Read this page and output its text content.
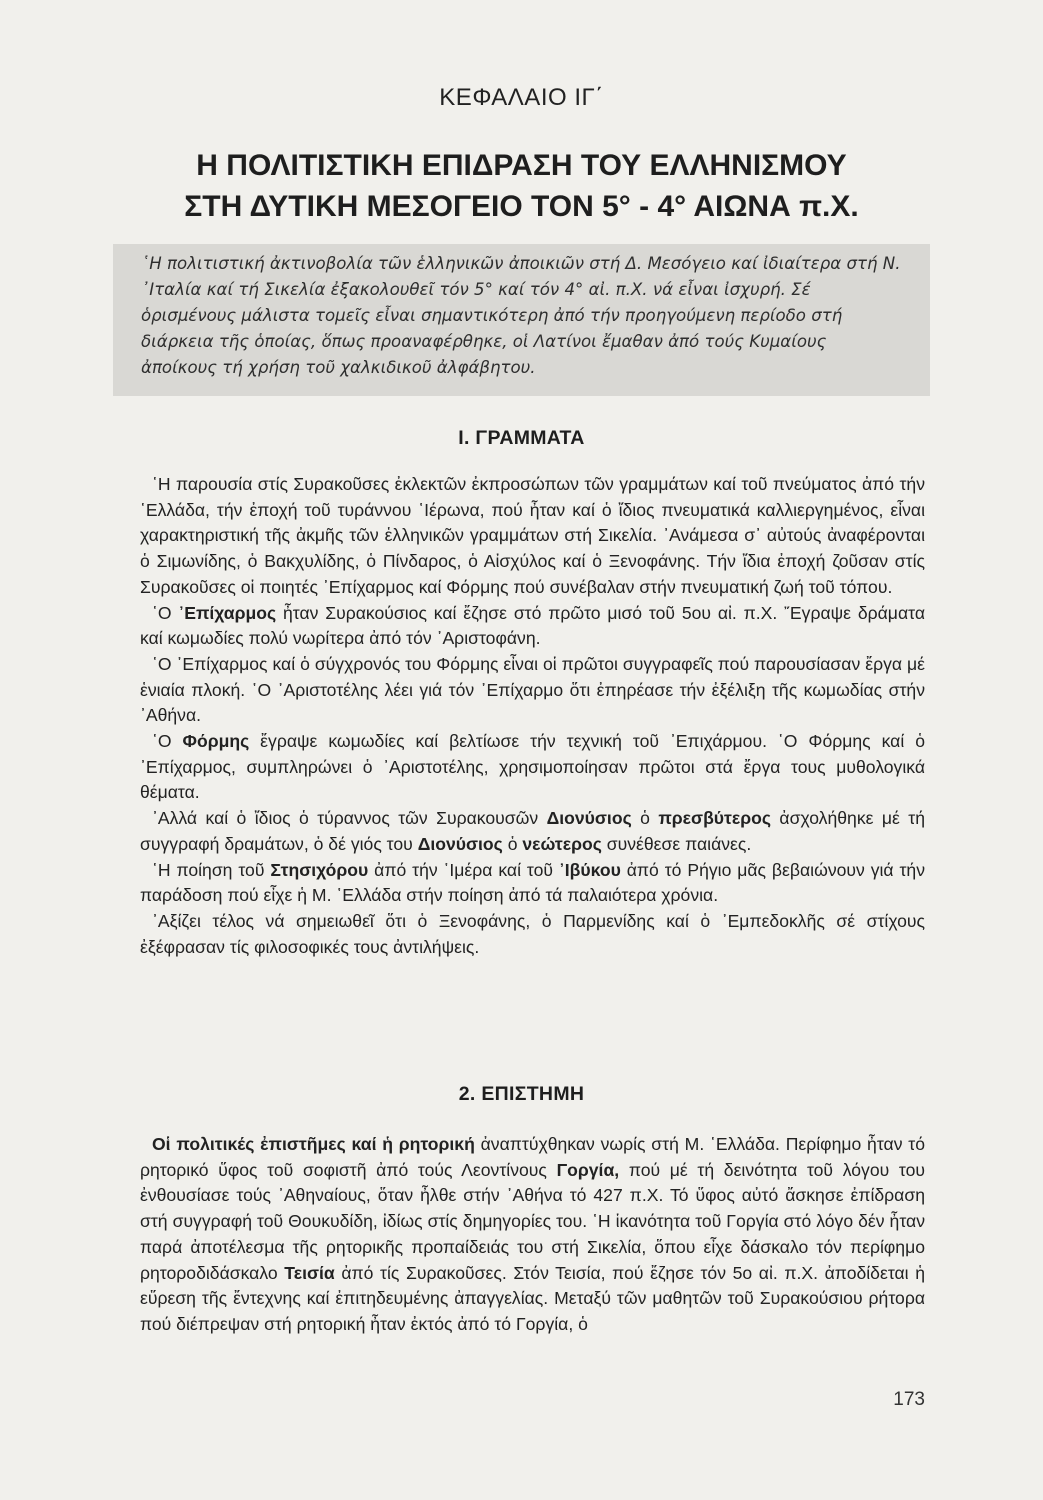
ΚΕΦΑΛΑΙΟ ΙΓ΄
Η ΠΟΛΙΤΙΣΤΙΚΗ ΕΠΙΔΡΑΣΗ ΤΟΥ ΕΛΛΗΝΙΣΜΟΥ
ΣΤΗ ΔΥΤΙΚΗ ΜΕΣΟΓΕΙΟ ΤΟΝ 5° - 4° ΑΙΩΝΑ π.Χ.
῾Η πολιτιστική ἀκτινοβολία τῶν ἑλληνικῶν ἀποικιῶν στή Δ. Μεσόγειο καί ἰδιαίτερα στή Ν. ᾿Ιταλία καί τή Σικελία ἐξακολουθεῖ τόν 5° καί τόν 4° αἰ. π.Χ. νά εἶναι ἰσχυρή. Σέ ὁρισμένους μάλιστα τομεῖς εἶναι σημαντικότερη ἀπό τήν προηγούμενη περίοδο στή διάρκεια τῆς ὁποίας, ὅπως προαναφέρθηκε, οἱ Λατίνοι ἔμαθαν ἀπό τούς Κυμαίους ἀποίκους τή χρήση τοῦ χαλκιδικοῦ ἀλφάβητου.
Ι. ΓΡΑΜΜΑΤΑ

῾Η παρουσία στίς Συρακοῦσες ἐκλεκτῶν ἐκπροσώπων τῶν γραμμάτων καί τοῦ πνεύματος ἀπό τήν ῾Ελλάδα, τήν ἐποχή τοῦ τυράννου ῾Ιέρωνα, πού ἦταν καί ὁ ἴδιος πνευματικά καλλιεργημένος, εἶναι χαρακτηριστική τῆς ἀκμῆς τῶν ἑλληνικῶν γραμμάτων στή Σικελία. ᾿Ανάμεσα σ᾿ αὐτούς ἀναφέρονται ὁ Σιμωνίδης, ὁ Βακχυλίδης, ὁ Πίνδαρος, ὁ Αἰσχύλος καί ὁ Ξενοφάνης. Τήν ἴδια ἐποχή ζοῦσαν στίς Συρακοῦσες οἱ ποιητές ᾿Επίχαρμος καί Φόρμης πού συνέβαλαν στήν πνευματική ζωή τοῦ τόπου.

῾Ο ᾿Επίχαρμος ἦταν Συρακούσιος καί ἔζησε στό πρῶτο μισό τοῦ 5ου αἰ. π.Χ. ῎Εγραψε δράματα καί κωμωδίες πολύ νωρίτερα ἀπό τόν ᾿Αριστοφάνη.

῾Ο ᾿Επίχαρμος καί ὁ σύγχρονός του Φόρμης εἶναι οἱ πρῶτοι συγγραφεῖς πού παρουσίασαν ἔργα μέ ἑνιαία πλοκή. ῾Ο ᾿Αριστοτέλης λέει γιά τόν ᾿Επίχαρμο ὅτι ἐπηρέασε τήν ἐξέλιξη τῆς κωμωδίας στήν ᾿Αθήνα.

῾Ο Φόρμης ἔγραψε κωμωδίες καί βελτίωσε τήν τεχνική τοῦ ᾿Επιχάρμου. ῾Ο Φόρμης καί ὁ ᾿Επίχαρμος, συμπληρώνει ὁ ᾿Αριστοτέλης, χρησιμοποίησαν πρῶτοι στά ἔργα τους μυθολογικά θέματα.

᾿Αλλά καί ὁ ἴδιος ὁ τύραννος τῶν Συρακουσῶν Διονύσιος ὁ πρεσβύτερος ἀσχολήθηκε μέ τή συγγραφή δραμάτων, ὁ δέ γιός του Διονύσιος ὁ νεώτερος συνέθεσε παιάνες.

῾Η ποίηση τοῦ Στησιχόρου ἀπό τήν ῾Ιμέρα καί τοῦ ᾿Ιβύκου ἀπό τό Ρήγιο μᾶς βεβαιώνουν γιά τήν παράδοση πού εἶχε ἡ Μ. ῾Ελλάδα στήν ποίηση ἀπό τά παλαιότερα χρόνια.

᾿Αξίζει τέλος νά σημειωθεῖ ὅτι ὁ Ξενοφάνης, ὁ Παρμενίδης καί ὁ ᾿Εμπεδοκλῆς σέ στίχους ἐξέφρασαν τίς φιλοσοφικές τους ἀντιλήψεις.

2. ΕΠΙΣΤΗΜΗ

Οἱ πολιτικές ἐπιστῆμες καί ἡ ρητορική ἀναπτύχθηκαν νωρίς στή Μ. ῾Ελλάδα. Περίφημο ἦταν τό ρητορικό ὕφος τοῦ σοφιστῆ ἀπό τούς Λεοντίνους Γοργία, πού μέ τή δεινότητα τοῦ λόγου του ἐνθουσίασε τούς ᾿Αθηναίους, ὅταν ἦλθε στήν ᾿Αθήνα τό 427 π.Χ. Τό ὕφος αὐτό ἄσκησε ἐπίδραση στή συγγραφή τοῦ Θουκυδίδη, ἰδίως στίς δημηγορίες του. ῾Η ἱκανότητα τοῦ Γοργία στό λόγο δέν ἦταν παρά ἀποτέλεσμα τῆς ρητορικῆς προπαίδειάς του στή Σικελία, ὅπου εἶχε δάσκαλο τόν περίφημο ρητοροδιδάσκαλο Τεισία ἀπό τίς Συρακοῦσες. Στόν Τεισία, πού ἔζησε τόν 5ο αἰ. π.Χ. ἀποδίδεται ἡ εὕρεση τῆς ἔντεχνης καί ἐπιτηδευμένης ἀπαγγελίας. Μεταξύ τῶν μαθητῶν τοῦ Συρακούσιου ρήτορα πού διέπρεψαν στή ρητορική ἦταν ἐκτός ἀπό τό Γοργία, ὁ

173
